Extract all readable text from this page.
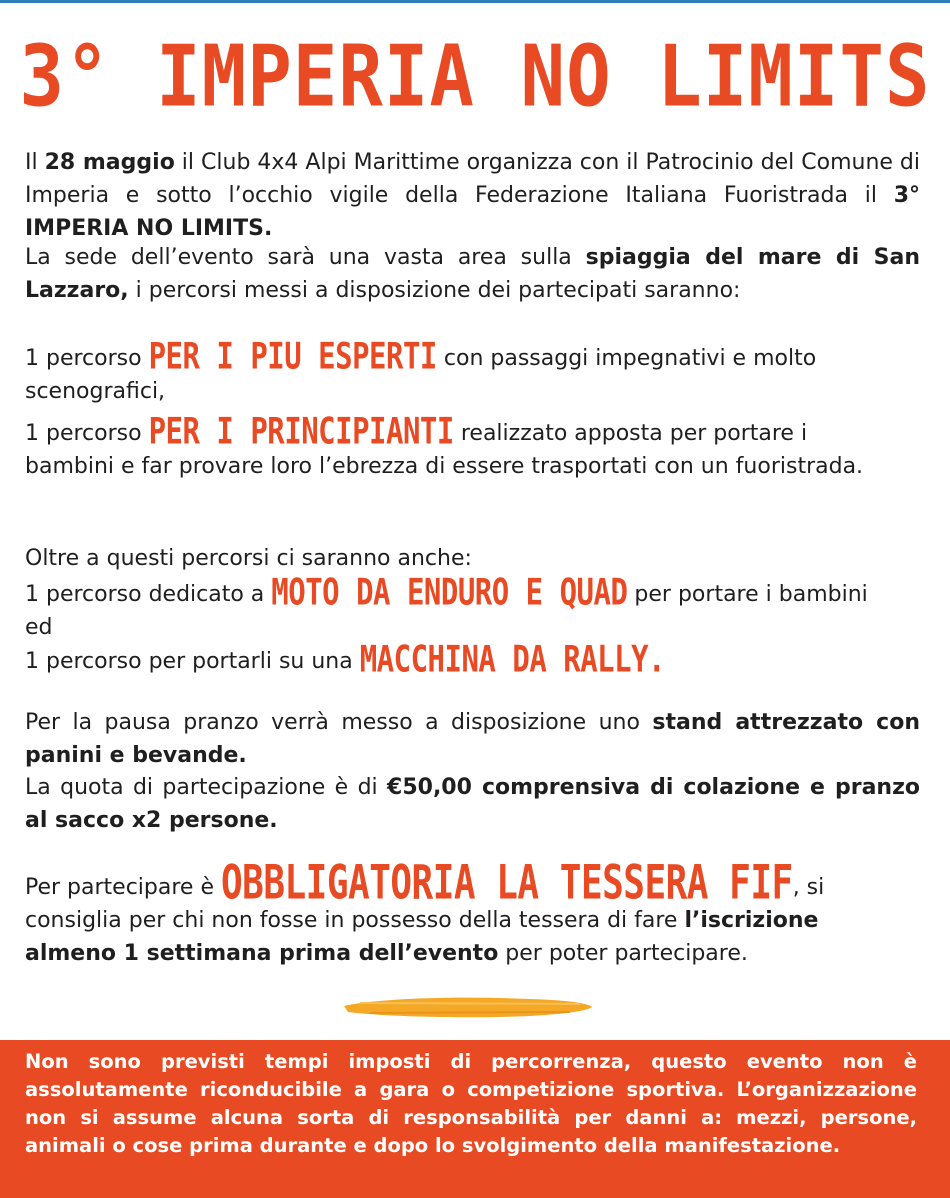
3° IMPERIA NO LIMITS

Il 28 maggio il Club 4x4 Alpi Marittime organizza con il Patrocinio del Comune di Imperia e sotto l’occhio vigile della Federazione Italiana Fuoristrada il 3° IMPERIA NO LIMITS.

La sede dell’evento sarà una vasta area sulla spiaggia del mare di San Lazzaro, i percorsi messi a disposizione dei partecipati saranno:

1 percorso PER I PIU ESPERTI con passaggi impegnativi e molto scenografici,

1 percorso PER I PRINCIPIANTI realizzato apposta per portare i bambini e far provare loro l’ebrezza di essere trasportati con un fuoristrada.

Oltre a questi percorsi ci saranno anche:

1 percorso dedicato a MOTO DA ENDURO E QUAD per portare i bambini ed

1 percorso per portarli su una MACCHINA DA RALLY.

Per la pausa pranzo verrà messo a disposizione uno stand attrezzato con panini e bevande.

La quota di partecipazione è di €50,00 comprensiva di colazione e pranzo al sacco x2 persone.

Per partecipare è OBBLIGATORIA LA TESSERA FIF, si consiglia per chi non fosse in possesso della tessera di fare l’iscrizione almeno 1 settimana prima dell’evento per poter partecipare.

Non sono previsti tempi imposti di percorrenza, questo evento non è assolutamente riconducibile a gara o competizione sportiva. L’organizzazione non si assume alcuna sorta di responsabilità per danni a: mezzi, persone, animali o cose prima durante e dopo lo svolgimento della manifestazione.
